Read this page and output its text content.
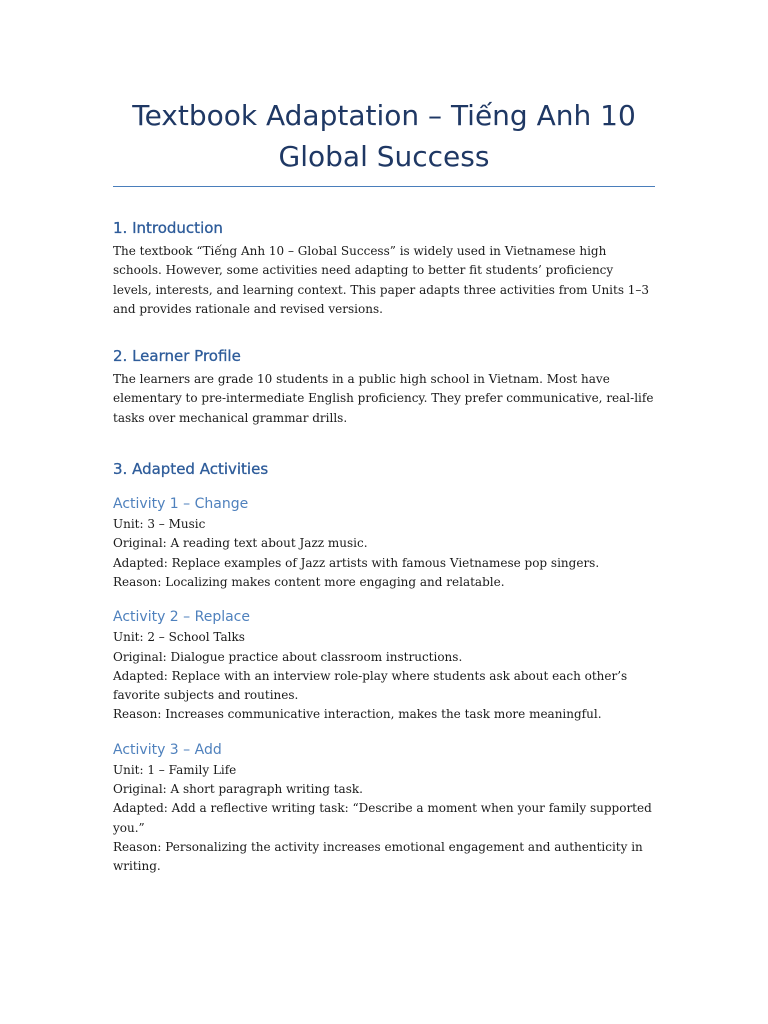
Textbook Adaptation – Tiếng Anh 10 Global Success
1. Introduction

The textbook “Tiếng Anh 10 – Global Success” is widely used in Vietnamese high schools. However, some activities need adapting to better fit students’ proficiency levels, interests, and learning context. This paper adapts three activities from Units 1–3 and provides rationale and revised versions.

2. Learner Profile

The learners are grade 10 students in a public high school in Vietnam. Most have elementary to pre-intermediate English proficiency. They prefer communicative, real-life tasks over mechanical grammar drills.

3. Adapted Activities
Activity 1 – Change
Unit: 3 – Music
Original: A reading text about Jazz music.
Adapted: Replace examples of Jazz artists with famous Vietnamese pop singers.
Reason: Localizing makes content more engaging and relatable.
Activity 2 – Replace
Unit: 2 – School Talks
Original: Dialogue practice about classroom instructions.
Adapted: Replace with an interview role-play where students ask about each other’s favorite subjects and routines.
Reason: Increases communicative interaction, makes the task more meaningful.
Activity 3 – Add
Unit: 1 – Family Life
Original: A short paragraph writing task.
Adapted: Add a reflective writing task: “Describe a moment when your family supported you.”
Reason: Personalizing the activity increases emotional engagement and authenticity in writing.
